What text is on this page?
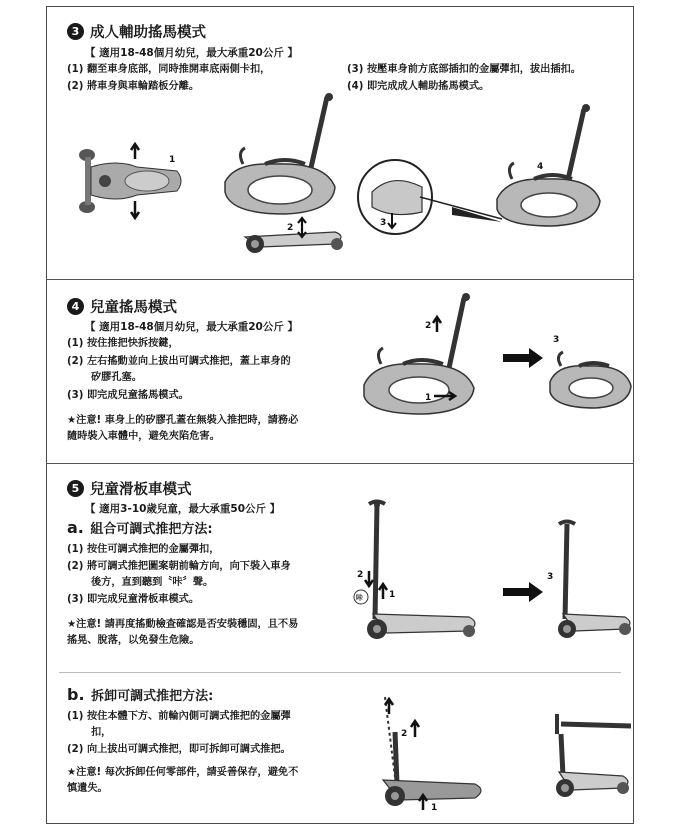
3 成人輔助搖馬模式
【 適用18-48個月幼兒，最大承重20公斤 】
(1) 翻至車身底部，同時推開車底兩側卡扣，
(2) 將車身與車輪踏板分離。
(3) 按壓車身前方底部插扣的金屬彈扣，拔出插扣。
(4) 即完成成人輔助搖馬模式。
1
2	3
4
4 兒童搖馬模式
【 適用18-48個月幼兒，最大承重20公斤 】
(1) 按住推把快拆按鍵，
(2) 左右搖動並向上拔出可調式推把，蓋上車身的
矽膠孔塞。
(3) 即完成兒童搖馬模式。
★注意! 車身上的矽膠孔蓋在無裝入推把時，請務必
隨時裝入車體中，避免夾陷危害。
2
1
3
5 兒童滑板車模式
【 適用3-10歲兒童，最大承重50公斤 】
a. 組合可調式推把方法:
(1) 按住可調式推把的金屬彈扣，
(2) 將可調式推把圖案朝前輪方向，向下裝入車身
後方，直到聽到〝咔〞聲。
(3) 即完成兒童滑板車模式。
★注意! 請再度搖動檢查確認是否安裝穩固，且不易
搖晃、脫落，以免發生危險。
2
咔	1
3
b. 拆卸可調式推把方法:
(1) 按住本體下方、前輪內側可調式推把的金屬彈
扣，
(2) 向上拔出可調式推把，即可拆卸可調式推把。
★注意! 每次拆卸任何零部件，請妥善保存，避免不
慎遺失。
2
1
